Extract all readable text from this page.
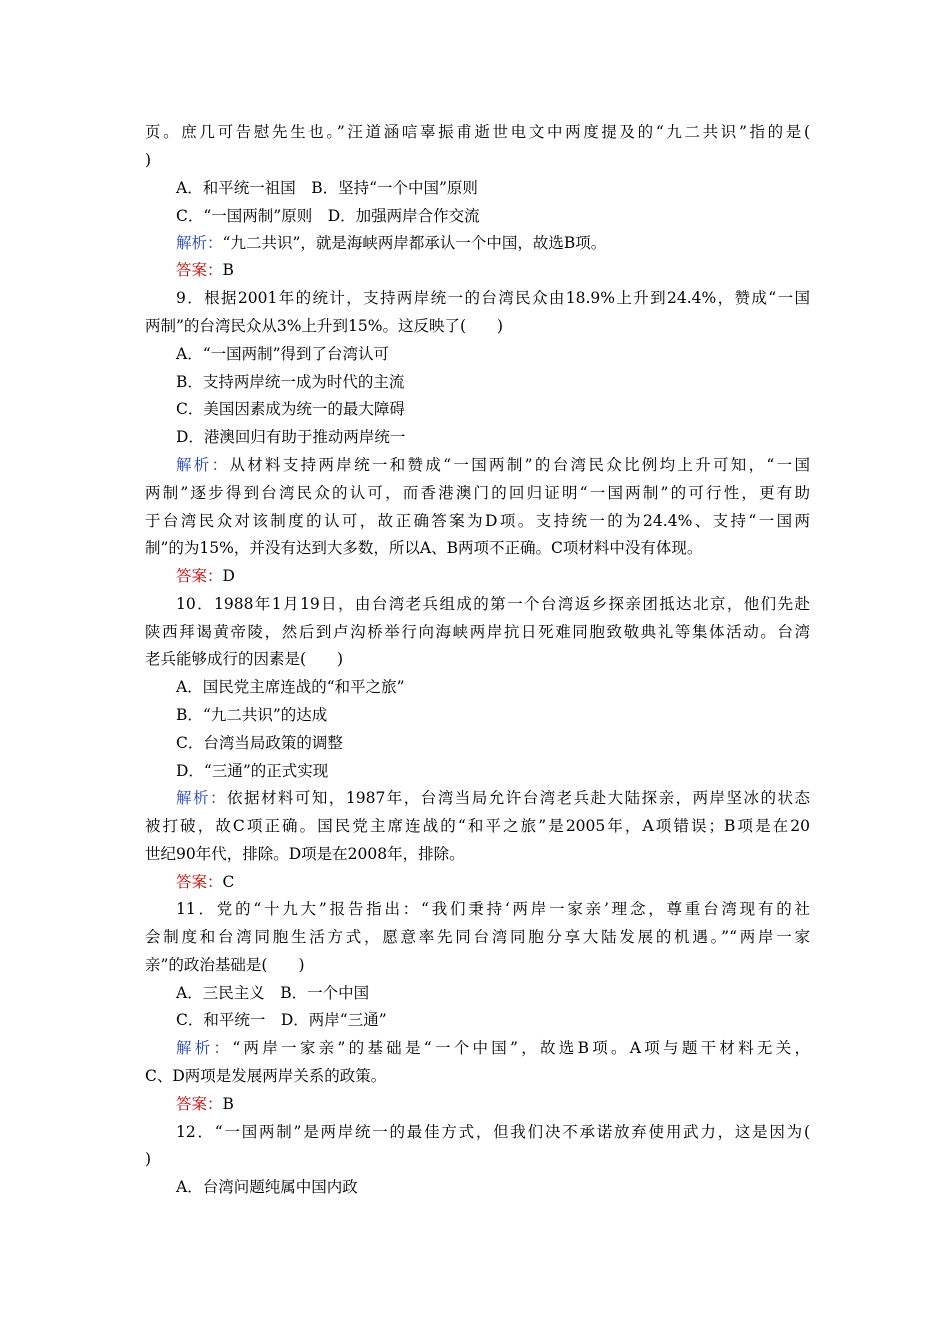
页。庶几可告慰先生也。”汪道涵唁辜振甫逝世电文中两度提及的“九二共识”指的是(
)
A．和平统一祖国　B．坚持“一个中国”原则
C．“一国两制”原则　D．加强两岸合作交流
解析：“九二共识”，就是海峡两岸都承认一个中国，故选B项。
答案：B
9．根据2001年的统计，支持两岸统一的台湾民众由18.9%上升到24.4%，赞成“一国
两制”的台湾民众从3%上升到15%。这反映了(　　)
A．“一国两制”得到了台湾认可
B．支持两岸统一成为时代的主流
C．美国因素成为统一的最大障碍
D．港澳回归有助于推动两岸统一
解析：从材料支持两岸统一和赞成“一国两制”的台湾民众比例均上升可知，“一国
两制”逐步得到台湾民众的认可，而香港澳门的回归证明“一国两制”的可行性，更有助
于台湾民众对该制度的认可，故正确答案为D项。支持统一的为24.4%、支持“一国两
制”的为15%，并没有达到大多数，所以A、B两项不正确。C项材料中没有体现。
答案：D
10．1988年1月19日，由台湾老兵组成的第一个台湾返乡探亲团抵达北京，他们先赴
陕西拜谒黄帝陵，然后到卢沟桥举行向海峡两岸抗日死难同胞致敬典礼等集体活动。台湾
老兵能够成行的因素是(　　)
A．国民党主席连战的“和平之旅”
B．“九二共识”的达成
C．台湾当局政策的调整
D．“三通”的正式实现
解析：依据材料可知，1987年，台湾当局允许台湾老兵赴大陆探亲，两岸坚冰的状态
被打破，故C项正确。国民党主席连战的“和平之旅”是2005年，A项错误；B项是在20
世纪90年代，排除。D项是在2008年，排除。
答案：C
11．党的“十九大”报告指出：“我们秉持‘两岸一家亲’理念，尊重台湾现有的社
会制度和台湾同胞生活方式，愿意率先同台湾同胞分享大陆发展的机遇。”“两岸一家
亲”的政治基础是(　　)
A．三民主义　B．一个中国
C．和平统一　D．两岸“三通”
解析：“两岸一家亲”的基础是“一个中国”，故选B项。A项与题干材料无关，
C、D两项是发展两岸关系的政策。
答案：B
12．“一国两制”是两岸统一的最佳方式，但我们决不承诺放弃使用武力，这是因为(
)
A．台湾问题纯属中国内政
